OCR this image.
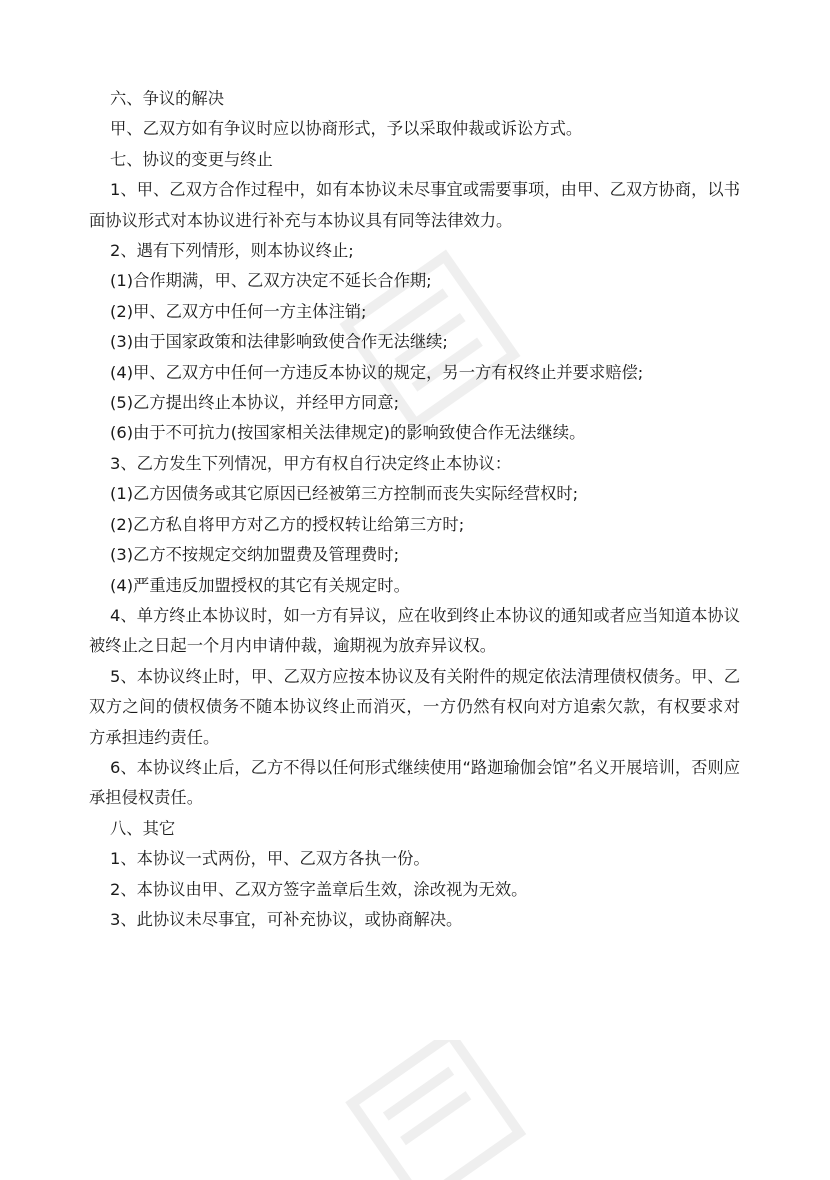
六、争议的解决

甲、乙双方如有争议时应以协商形式，予以采取仲裁或诉讼方式。

七、协议的变更与终止

1、甲、乙双方合作过程中，如有本协议未尽事宜或需要事项，由甲、乙双方协商，以书面协议形式对本协议进行补充与本协议具有同等法律效力。

2、遇有下列情形，则本协议终止;

(1)合作期满，甲、乙双方决定不延长合作期;

(2)甲、乙双方中任何一方主体注销;

(3)由于国家政策和法律影响致使合作无法继续;

(4)甲、乙双方中任何一方违反本协议的规定，另一方有权终止并要求赔偿;

(5)乙方提出终止本协议，并经甲方同意;

(6)由于不可抗力(按国家相关法律规定)的影响致使合作无法继续。

3、乙方发生下列情况，甲方有权自行决定终止本协议：

(1)乙方因债务或其它原因已经被第三方控制而丧失实际经营权时;

(2)乙方私自将甲方对乙方的授权转让给第三方时;

(3)乙方不按规定交纳加盟费及管理费时;

(4)严重违反加盟授权的其它有关规定时。

4、单方终止本协议时，如一方有异议，应在收到终止本协议的通知或者应当知道本协议被终止之日起一个月内申请仲裁，逾期视为放弃异议权。

5、本协议终止时，甲、乙双方应按本协议及有关附件的规定依法清理债权债务。甲、乙双方之间的债权债务不随本协议终止而消灭，一方仍然有权向对方追索欠款，有权要求对方承担违约责任。

6、本协议终止后，乙方不得以任何形式继续使用“路迦瑜伽会馆”名义开展培训，否则应承担侵权责任。

八、其它

1、本协议一式两份，甲、乙双方各执一份。

2、本协议由甲、乙双方签字盖章后生效，涂改视为无效。

3、此协议未尽事宜，可补充协议，或协商解决。
